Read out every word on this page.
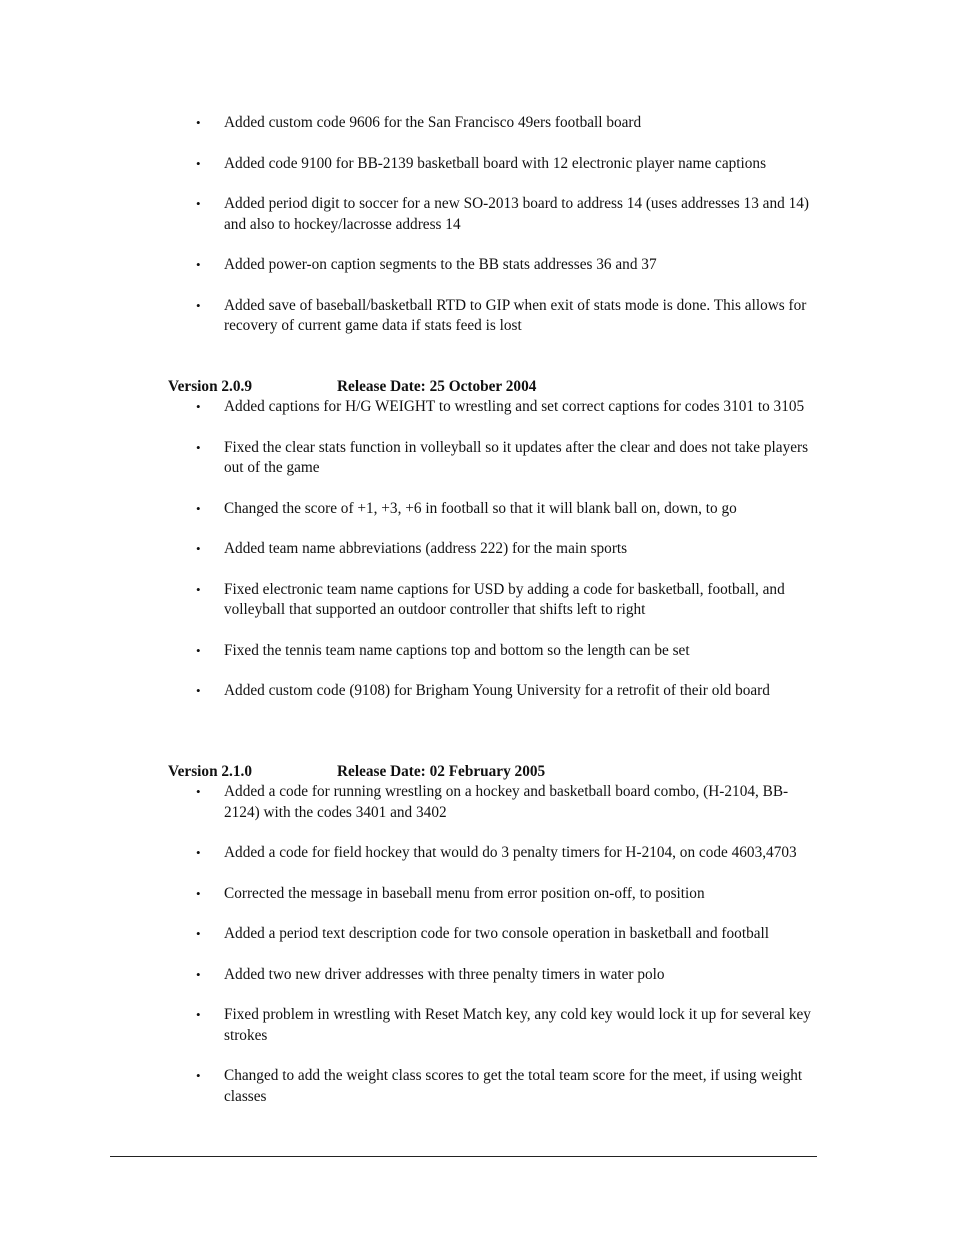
• Added custom code 9606 for the San Francisco 49ers football board
• Added code 9100 for BB-2139 basketball board with 12 electronic player name captions
• Added period digit to soccer for a new SO-2013 board to address 14 (uses addresses 13 and 14) and also to hockey/lacrosse address 14
• Added power-on caption segments to the BB stats addresses 36 and 37
• Added save of baseball/basketball RTD to GIP when exit of stats mode is done. This allows for recovery of current game data if stats feed is lost
Version 2.0.9	Release Date: 25 October 2004
• Added captions for H/G WEIGHT to wrestling and set correct captions for codes 3101 to 3105
• Fixed the clear stats function in volleyball so it updates after the clear and does not take players out of the game
• Changed the score of +1, +3, +6 in football so that it will blank ball on, down, to go
• Added team name abbreviations (address 222) for the main sports
• Fixed electronic team name captions for USD by adding a code for basketball, football, and volleyball that supported an outdoor controller that shifts left to right
• Fixed the tennis team name captions top and bottom so the length can be set
• Added custom code (9108) for Brigham Young University for a retrofit of their old board
Version 2.1.0	Release Date: 02 February 2005
• Added a code for running wrestling on a hockey and basketball board combo, (H-2104, BB-2124) with the codes 3401 and 3402
• Added a code for field hockey that would do 3 penalty timers for H-2104, on code 4603,4703
• Corrected the message in baseball menu from error position on-off, to position
• Added a period text description code for two console operation in basketball and football
• Added two new driver addresses with three penalty timers in water polo
• Fixed problem in wrestling with Reset Match key, any cold key would lock it up for several key strokes
• Changed to add the weight class scores to get the total team score for the meet, if using weight classes
